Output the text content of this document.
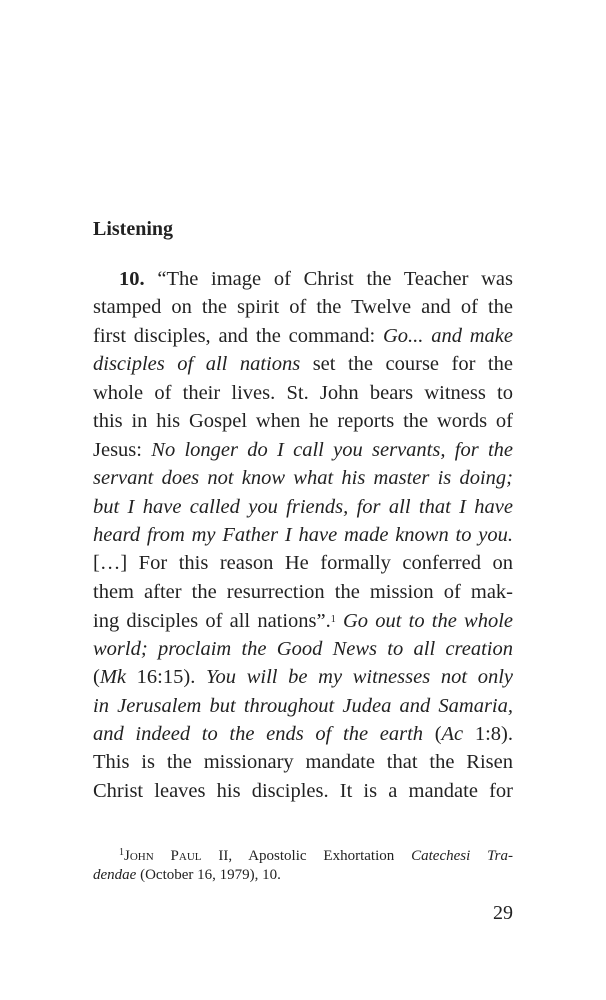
Listening
10. “The image of Christ the Teacher was
stamped on the spirit of the Twelve and of the
first disciples, and the command: Go... and make
disciples of all nations set the course for the
whole of their lives. St. John bears witness to
this in his Gospel when he reports the words of
Jesus: No longer do I call you servants, for the
servant does not know what his master is doing;
but I have called you friends, for all that I have
heard from my Father I have made known to you.
[…] For this reason He formally conferred on
them after the resurrection the mission of mak-
ing disciples of all nations”.$^1$ Go out to the whole
world; proclaim the Good News to all creation
(Mk 16:15). You will be my witnesses not only
in Jerusalem but throughout Judea and Samaria,
and indeed to the ends of the earth (Ac 1:8).
This is the missionary mandate that the Risen
Christ leaves his disciples. It is a mandate for
$^1$John Paul II, Apostolic Exhortation Catechesi Tra-
dendae (October 16, 1979), 10.
29
